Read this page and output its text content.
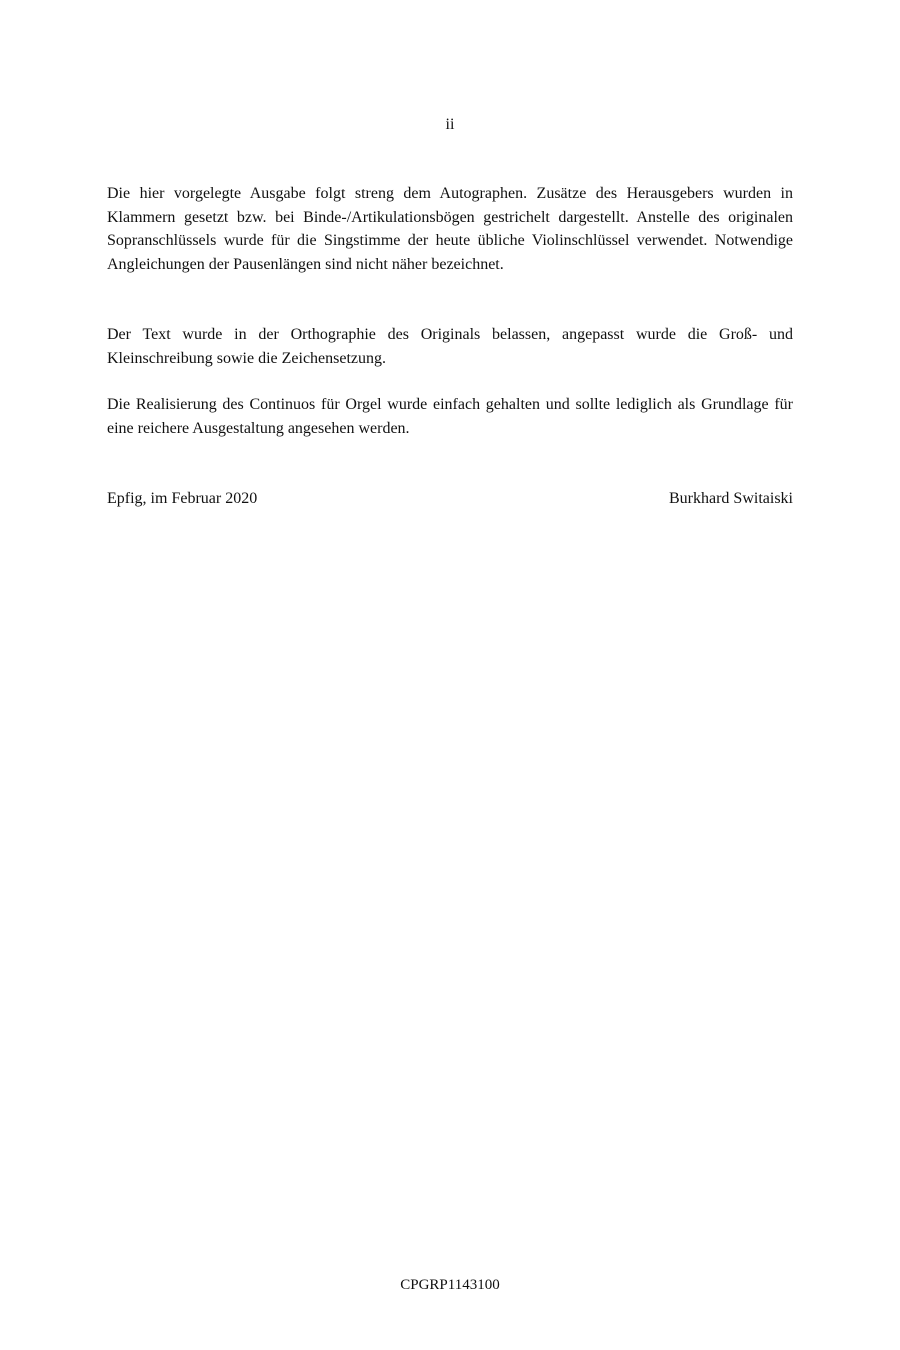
ii

Die hier vorgelegte Ausgabe folgt streng dem Autographen. Zusätze des Herausgebers wurden in Klammern gesetzt bzw. bei Binde-/Artikulationsbögen gestrichelt dargestellt. Anstelle des originalen Sopranschlüssels wurde für die Singstimme der heute übliche Violinschlüssel verwendet. Notwendige Angleichungen der Pausenlängen sind nicht näher bezeichnet.

Der Text wurde in der Orthographie des Originals belassen, angepasst wurde die Groß- und Kleinschreibung sowie die Zeichensetzung.

Die Realisierung des Continuos für Orgel wurde einfach gehalten und sollte lediglich als Grundlage für eine reichere Ausgestaltung angesehen werden.

Epfig, im Februar 2020	Burkhard Switaiski
CPGRP1143100
